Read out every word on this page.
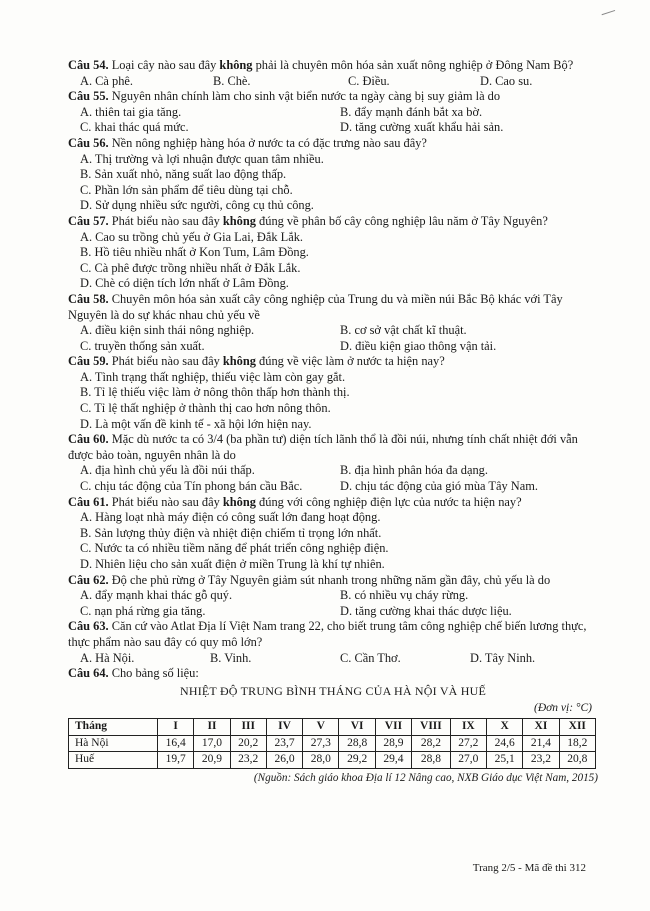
Câu 54. Loại cây nào sau đây không phải là chuyên môn hóa sản xuất nông nghiệp ở Đông Nam Bộ?
A. Cà phê.	B. Chè.	C. Điều.	D. Cao su.
Câu 55. Nguyên nhân chính làm cho sinh vật biển nước ta ngày càng bị suy giảm là do
A. thiên tai gia tăng.	B. đẩy mạnh đánh bắt xa bờ.
C. khai thác quá mức.	D. tăng cường xuất khẩu hải sản.
Câu 56. Nền nông nghiệp hàng hóa ở nước ta có đặc trưng nào sau đây?
A. Thị trường và lợi nhuận được quan tâm nhiều.
B. Sản xuất nhỏ, năng suất lao động thấp.
C. Phần lớn sản phẩm để tiêu dùng tại chỗ.
D. Sử dụng nhiều sức người, công cụ thủ công.
Câu 57. Phát biểu nào sau đây không đúng về phân bố cây công nghiệp lâu năm ở Tây Nguyên?
A. Cao su trồng chủ yếu ở Gia Lai, Đắk Lắk.
B. Hồ tiêu nhiều nhất ở Kon Tum, Lâm Đồng.
C. Cà phê được trồng nhiều nhất ở Đắk Lắk.
D. Chè có diện tích lớn nhất ở Lâm Đồng.
Câu 58. Chuyên môn hóa sản xuất cây công nghiệp của Trung du và miền núi Bắc Bộ khác với Tây Nguyên là do sự khác nhau chủ yếu về
A. điều kiện sinh thái nông nghiệp.	B. cơ sở vật chất kĩ thuật.
C. truyền thống sản xuất.	D. điều kiện giao thông vận tải.
Câu 59. Phát biểu nào sau đây không đúng về việc làm ở nước ta hiện nay?
A. Tình trạng thất nghiệp, thiếu việc làm còn gay gắt.
B. Tỉ lệ thiếu việc làm ở nông thôn thấp hơn thành thị.
C. Tỉ lệ thất nghiệp ở thành thị cao hơn nông thôn.
D. Là một vấn đề kinh tế - xã hội lớn hiện nay.
Câu 60. Mặc dù nước ta có 3/4 (ba phần tư) diện tích lãnh thổ là đồi núi, nhưng tính chất nhiệt đới vẫn được bảo toàn, nguyên nhân là do
A. địa hình chủ yếu là đồi núi thấp.	B. địa hình phân hóa đa dạng.
C. chịu tác động của Tín phong bán cầu Bắc.	D. chịu tác động của gió mùa Tây Nam.
Câu 61. Phát biểu nào sau đây không đúng với công nghiệp điện lực của nước ta hiện nay?
A. Hàng loạt nhà máy điện có công suất lớn đang hoạt động.
B. Sản lượng thủy điện và nhiệt điện chiếm tỉ trọng lớn nhất.
C. Nước ta có nhiều tiềm năng để phát triển công nghiệp điện.
D. Nhiên liệu cho sản xuất điện ở miền Trung là khí tự nhiên.
Câu 62. Độ che phủ rừng ở Tây Nguyên giảm sút nhanh trong những năm gần đây, chủ yếu là do
A. đẩy mạnh khai thác gỗ quý.	B. có nhiều vụ cháy rừng.
C. nạn phá rừng gia tăng.	D. tăng cường khai thác dược liệu.
Câu 63. Căn cứ vào Atlat Địa lí Việt Nam trang 22, cho biết trung tâm công nghiệp chế biến lương thực, thực phẩm nào sau đây có quy mô lớn?
A. Hà Nội.	B. Vinh.	C. Cần Thơ.	D. Tây Ninh.
Câu 64. Cho bảng số liệu:
NHIỆT ĐỘ TRUNG BÌNH THÁNG CỦA HÀ NỘI VÀ HUẾ
(Đơn vị: °C)
Tháng	I	II	III	IV	V	VI	VII	VIII	IX	X	XI	XII
Hà Nội	16,4	17,0	20,2	23,7	27,3	28,8	28,9	28,2	27,2	24,6	21,4	18,2
Huế	19,7	20,9	23,2	26,0	28,0	29,2	29,4	28,8	27,0	25,1	23,2	20,8
(Nguồn: Sách giáo khoa Địa lí 12 Nâng cao, NXB Giáo dục Việt Nam, 2015)
Trang 2/5 - Mã đề thi 312
